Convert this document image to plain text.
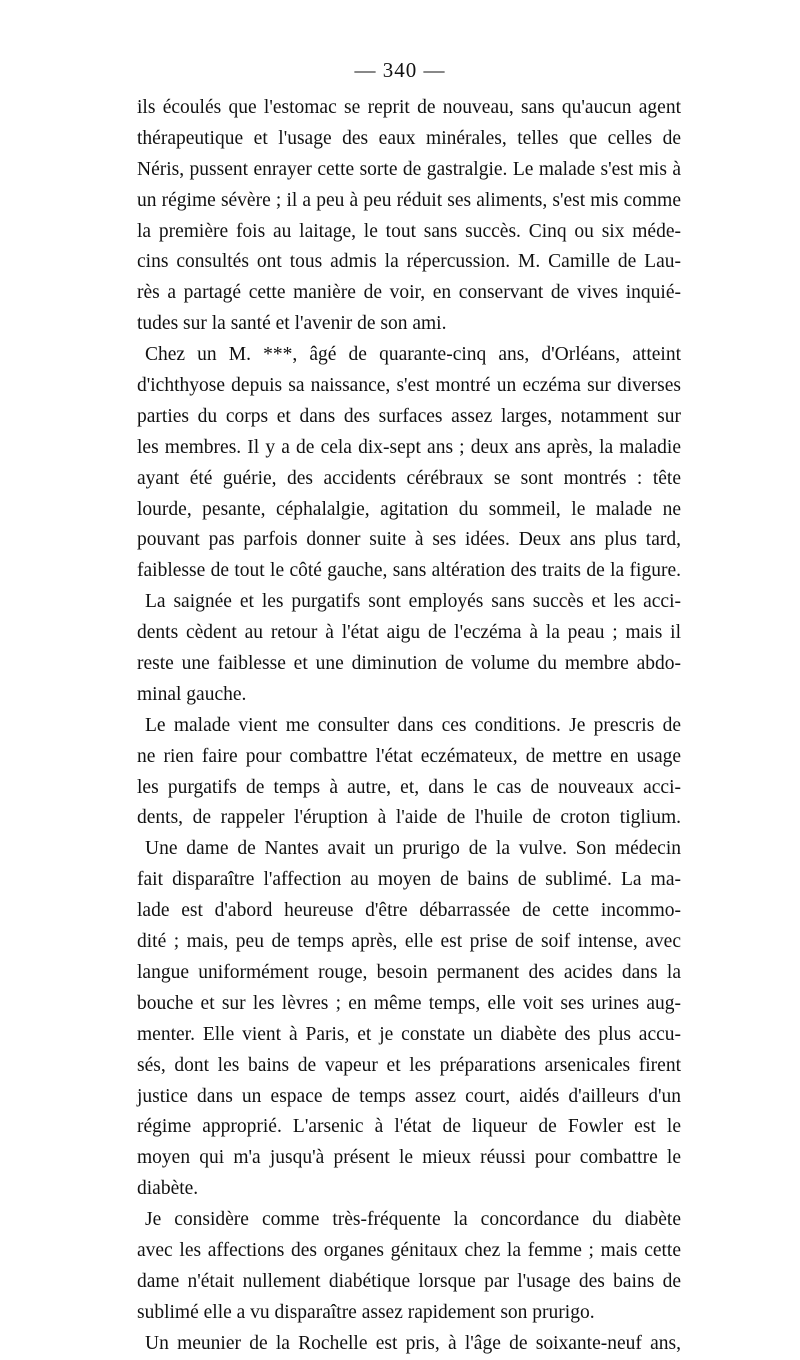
— 340 —
ils écoulés que l'estomac se reprit de nouveau, sans qu'aucun agent
thérapeutique et l'usage des eaux minérales, telles que celles de
Néris, pussent enrayer cette sorte de gastralgie. Le malade s'est mis à
un régime sévère ; il a peu à peu réduit ses aliments, s'est mis comme
la première fois au laitage, le tout sans succès. Cinq ou six méde-
cins consultés ont tous admis la répercussion. M. Camille de Lau-
rès a partagé cette manière de voir, en conservant de vives inquié-
tudes sur la santé et l'avenir de son ami.
Chez un M. ***, âgé de quarante-cinq ans, d'Orléans, atteint
d'ichthyose depuis sa naissance, s'est montré un eczéma sur diverses
parties du corps et dans des surfaces assez larges, notamment sur
les membres. Il y a de cela dix-sept ans ; deux ans après, la maladie
ayant été guérie, des accidents cérébraux se sont montrés : tête
lourde, pesante, céphalalgie, agitation du sommeil, le malade ne
pouvant pas parfois donner suite à ses idées. Deux ans plus tard,
faiblesse de tout le côté gauche, sans altération des traits de la figure.
La saignée et les purgatifs sont employés sans succès et les acci-
dents cèdent au retour à l'état aigu de l'eczéma à la peau ; mais il
reste une faiblesse et une diminution de volume du membre abdo-
minal gauche.
Le malade vient me consulter dans ces conditions. Je prescris de
ne rien faire pour combattre l'état eczémateux, de mettre en usage
les purgatifs de temps à autre, et, dans le cas de nouveaux acci-
dents, de rappeler l'éruption à l'aide de l'huile de croton tiglium.
Une dame de Nantes avait un prurigo de la vulve. Son médecin
fait disparaître l'affection au moyen de bains de sublimé. La ma-
lade est d'abord heureuse d'être débarrassée de cette incommo-
dité ; mais, peu de temps après, elle est prise de soif intense, avec
langue uniformément rouge, besoin permanent des acides dans la
bouche et sur les lèvres ; en même temps, elle voit ses urines aug-
menter. Elle vient à Paris, et je constate un diabète des plus accu-
sés, dont les bains de vapeur et les préparations arsenicales firent
justice dans un espace de temps assez court, aidés d'ailleurs d'un
régime approprié. L'arsenic à l'état de liqueur de Fowler est le
moyen qui m'a jusqu'à présent le mieux réussi pour combattre le
diabète.
Je considère comme très-fréquente la concordance du diabète
avec les affections des organes génitaux chez la femme ; mais cette
dame n'était nullement diabétique lorsque par l'usage des bains de
sublimé elle a vu disparaître assez rapidement son prurigo.
Un meunier de la Rochelle est pris, à l'âge de soixante-neuf ans,
